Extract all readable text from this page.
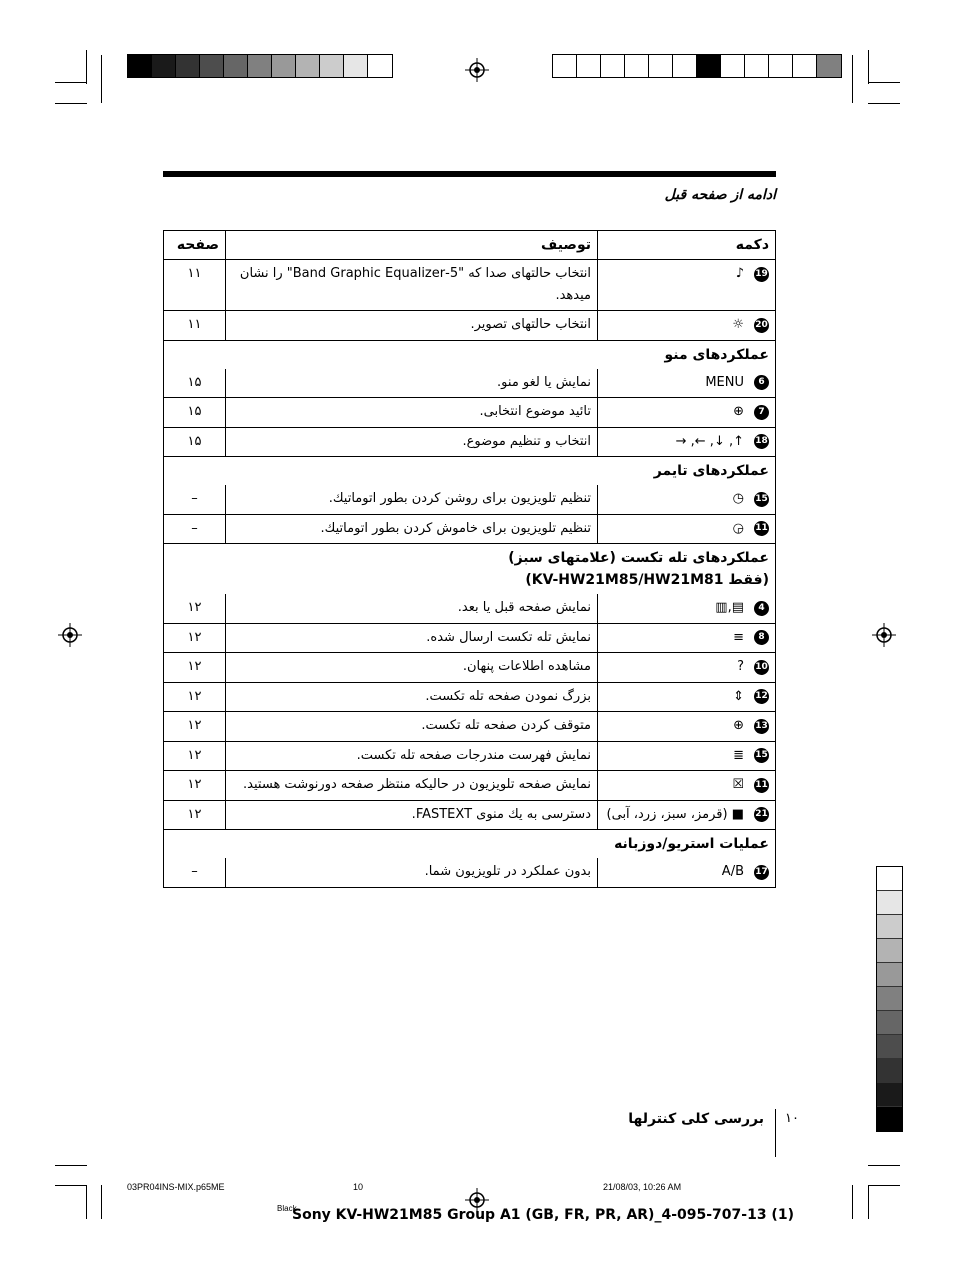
ادامه از صفحه قبل
دکمه	توصیف	صفحه
19♪	انتخاب حالتهای صدا که "5-Band Graphic Equalizer" را نشان میدهد.	۱۱
20☼	انتخاب حالتهای تصویر.	۱۱

عملکردهای منو		

6MENU	نمایش یا لغو منو.	۱۵
7⊕	تائید موضوع انتخابی.	۱۵
18↑, ↓, ←, →	انتخاب و تنظیم موضوع.	۱۵

عملکردهای تایمر		

15◷	تنظیم تلویزیون برای روشن کردن بطور اتوماتیك.	–
11◶	تنظیم تلویزیون برای خاموش کردن بطور اتوماتیك.	–

عملکردهای تله تکست (علامتهای سبز)
(فقط KV-HW21M85/HW21M81)		

4▤,▥	نمایش صفحه قبل یا بعد.	۱۲
8≡	نمایش تله تکست ارسال شده.	۱۲
10?	مشاهده اطلاعات پنهان.	۱۲
12⇕	بزرگ نمودن صفحه تله تکست.	۱۲
13⊕	متوقف کردن صفحه تله تکست.	۱۲
15≣	نمایش فهرست مندرجات صفحه تله تکست.	۱۲
11☒	نمایش صفحه تلویزیون در حالیکه منتظر صفحه دورنوشت هستید.	۱۲
21■ (قرمز، سبز، زرد، آبی)	دسترسی به یك منوی FASTEXT.	۱۲

عملیات استریو/دوزبانه		

17A/B	بدون عملکرد در تلویزیون شما.	–
بررسی کلی کنترلها ۱۰
03PR04INS-MIX.p65ME	10	21/08/03, 10:26 AM
Black
Sony KV-HW21M85 Group A1 (GB, FR, PR, AR)_4-095-707-13 (1)
